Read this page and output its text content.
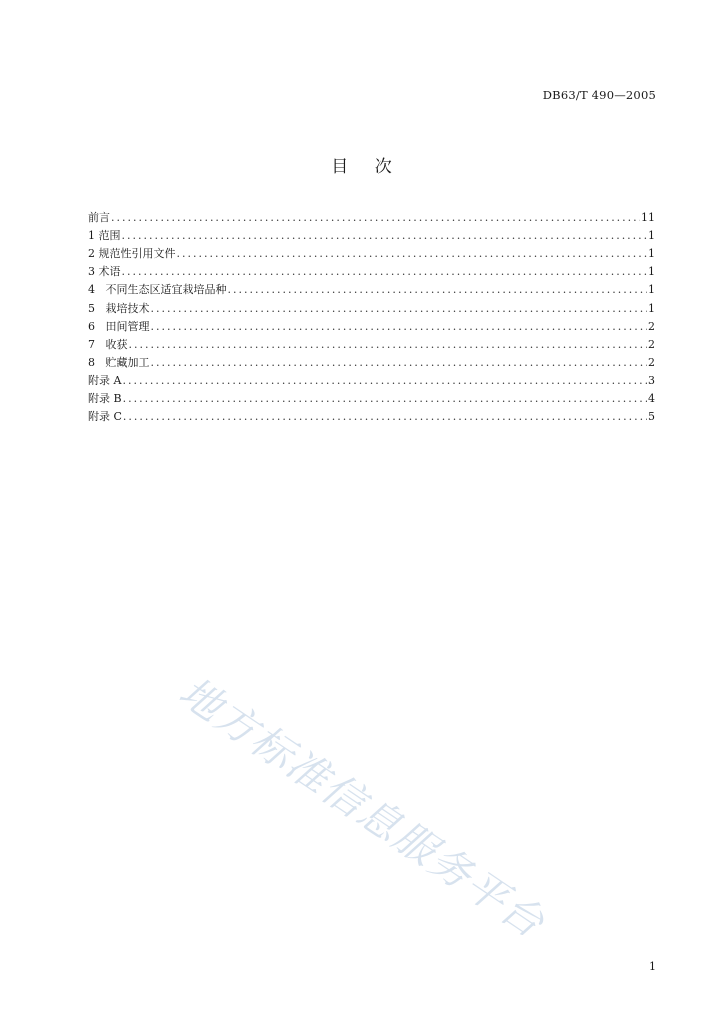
DB63/T 490—2005
目    次
前言 .....	11
1 范围 .....	1
2 规范性引用文件 .....	1
3 术语 .....	1
4   不同生态区适宜栽培品种 .....	1
5   栽培技术 .....	1
6   田间管理 .....	2
7   收获 .....	2
8   贮藏加工 .....	2
附录 A .....	3
附录 B .....	4
附录 C .....	5
地方标准信息服务平台
1
